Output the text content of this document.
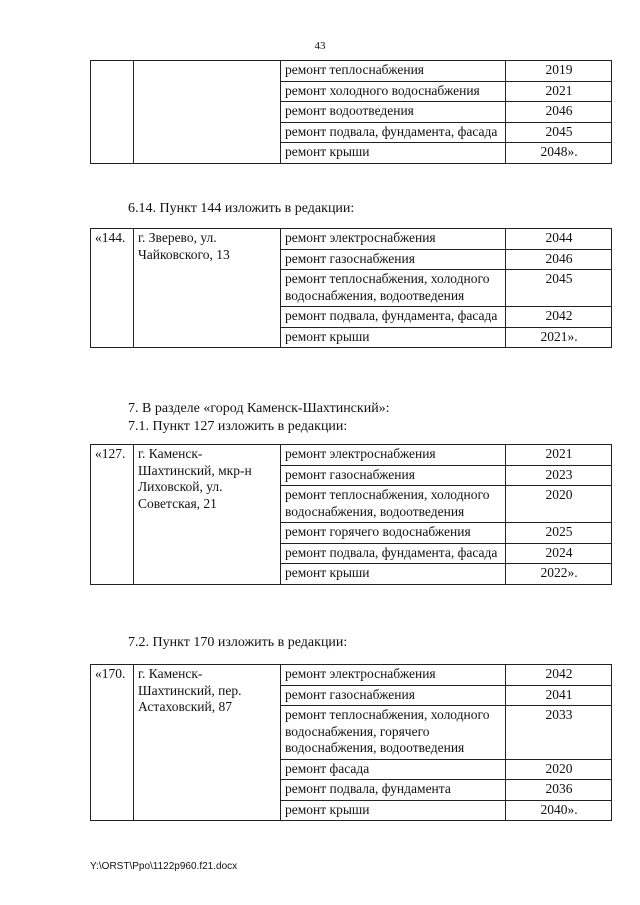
43
		ремонт теплоснабжения	2019
		ремонт холодного водоснабжения	2021
		ремонт водоотведения	2046
		ремонт подвала, фундамента, фасада	2045
		ремонт крыши	2048».
6.14. Пункт 144 изложить в редакции:
«144.	г. Зверево, ул. Чайковского, 13	ремонт электроснабжения	2044
		ремонт газоснабжения	2046
		ремонт теплоснабжения, холодного водоснабжения, водоотведения	2045
		ремонт подвала, фундамента, фасада	2042
		ремонт крыши	2021».
7. В разделе «город Каменск-Шахтинский»:
7.1. Пункт 127 изложить в редакции:
«127.	г. Каменск-Шахтинский, мкр-н Лиховской, ул. Советская, 21	ремонт электроснабжения	2021
		ремонт газоснабжения	2023
		ремонт теплоснабжения, холодного водоснабжения, водоотведения	2020
		ремонт горячего водоснабжения	2025
		ремонт подвала, фундамента, фасада	2024
		ремонт крыши	2022».
7.2. Пункт 170 изложить в редакции:
«170.	г. Каменск-Шахтинский, пер. Астаховский, 87	ремонт электроснабжения	2042
		ремонт газоснабжения	2041
		ремонт теплоснабжения, холодного водоснабжения, горячего водоснабжения, водоотведения	2033
		ремонт фасада	2020
		ремонт подвала, фундамента	2036
		ремонт крыши	2040».
Y:\ORST\Ppo\1122p960.f21.docx
